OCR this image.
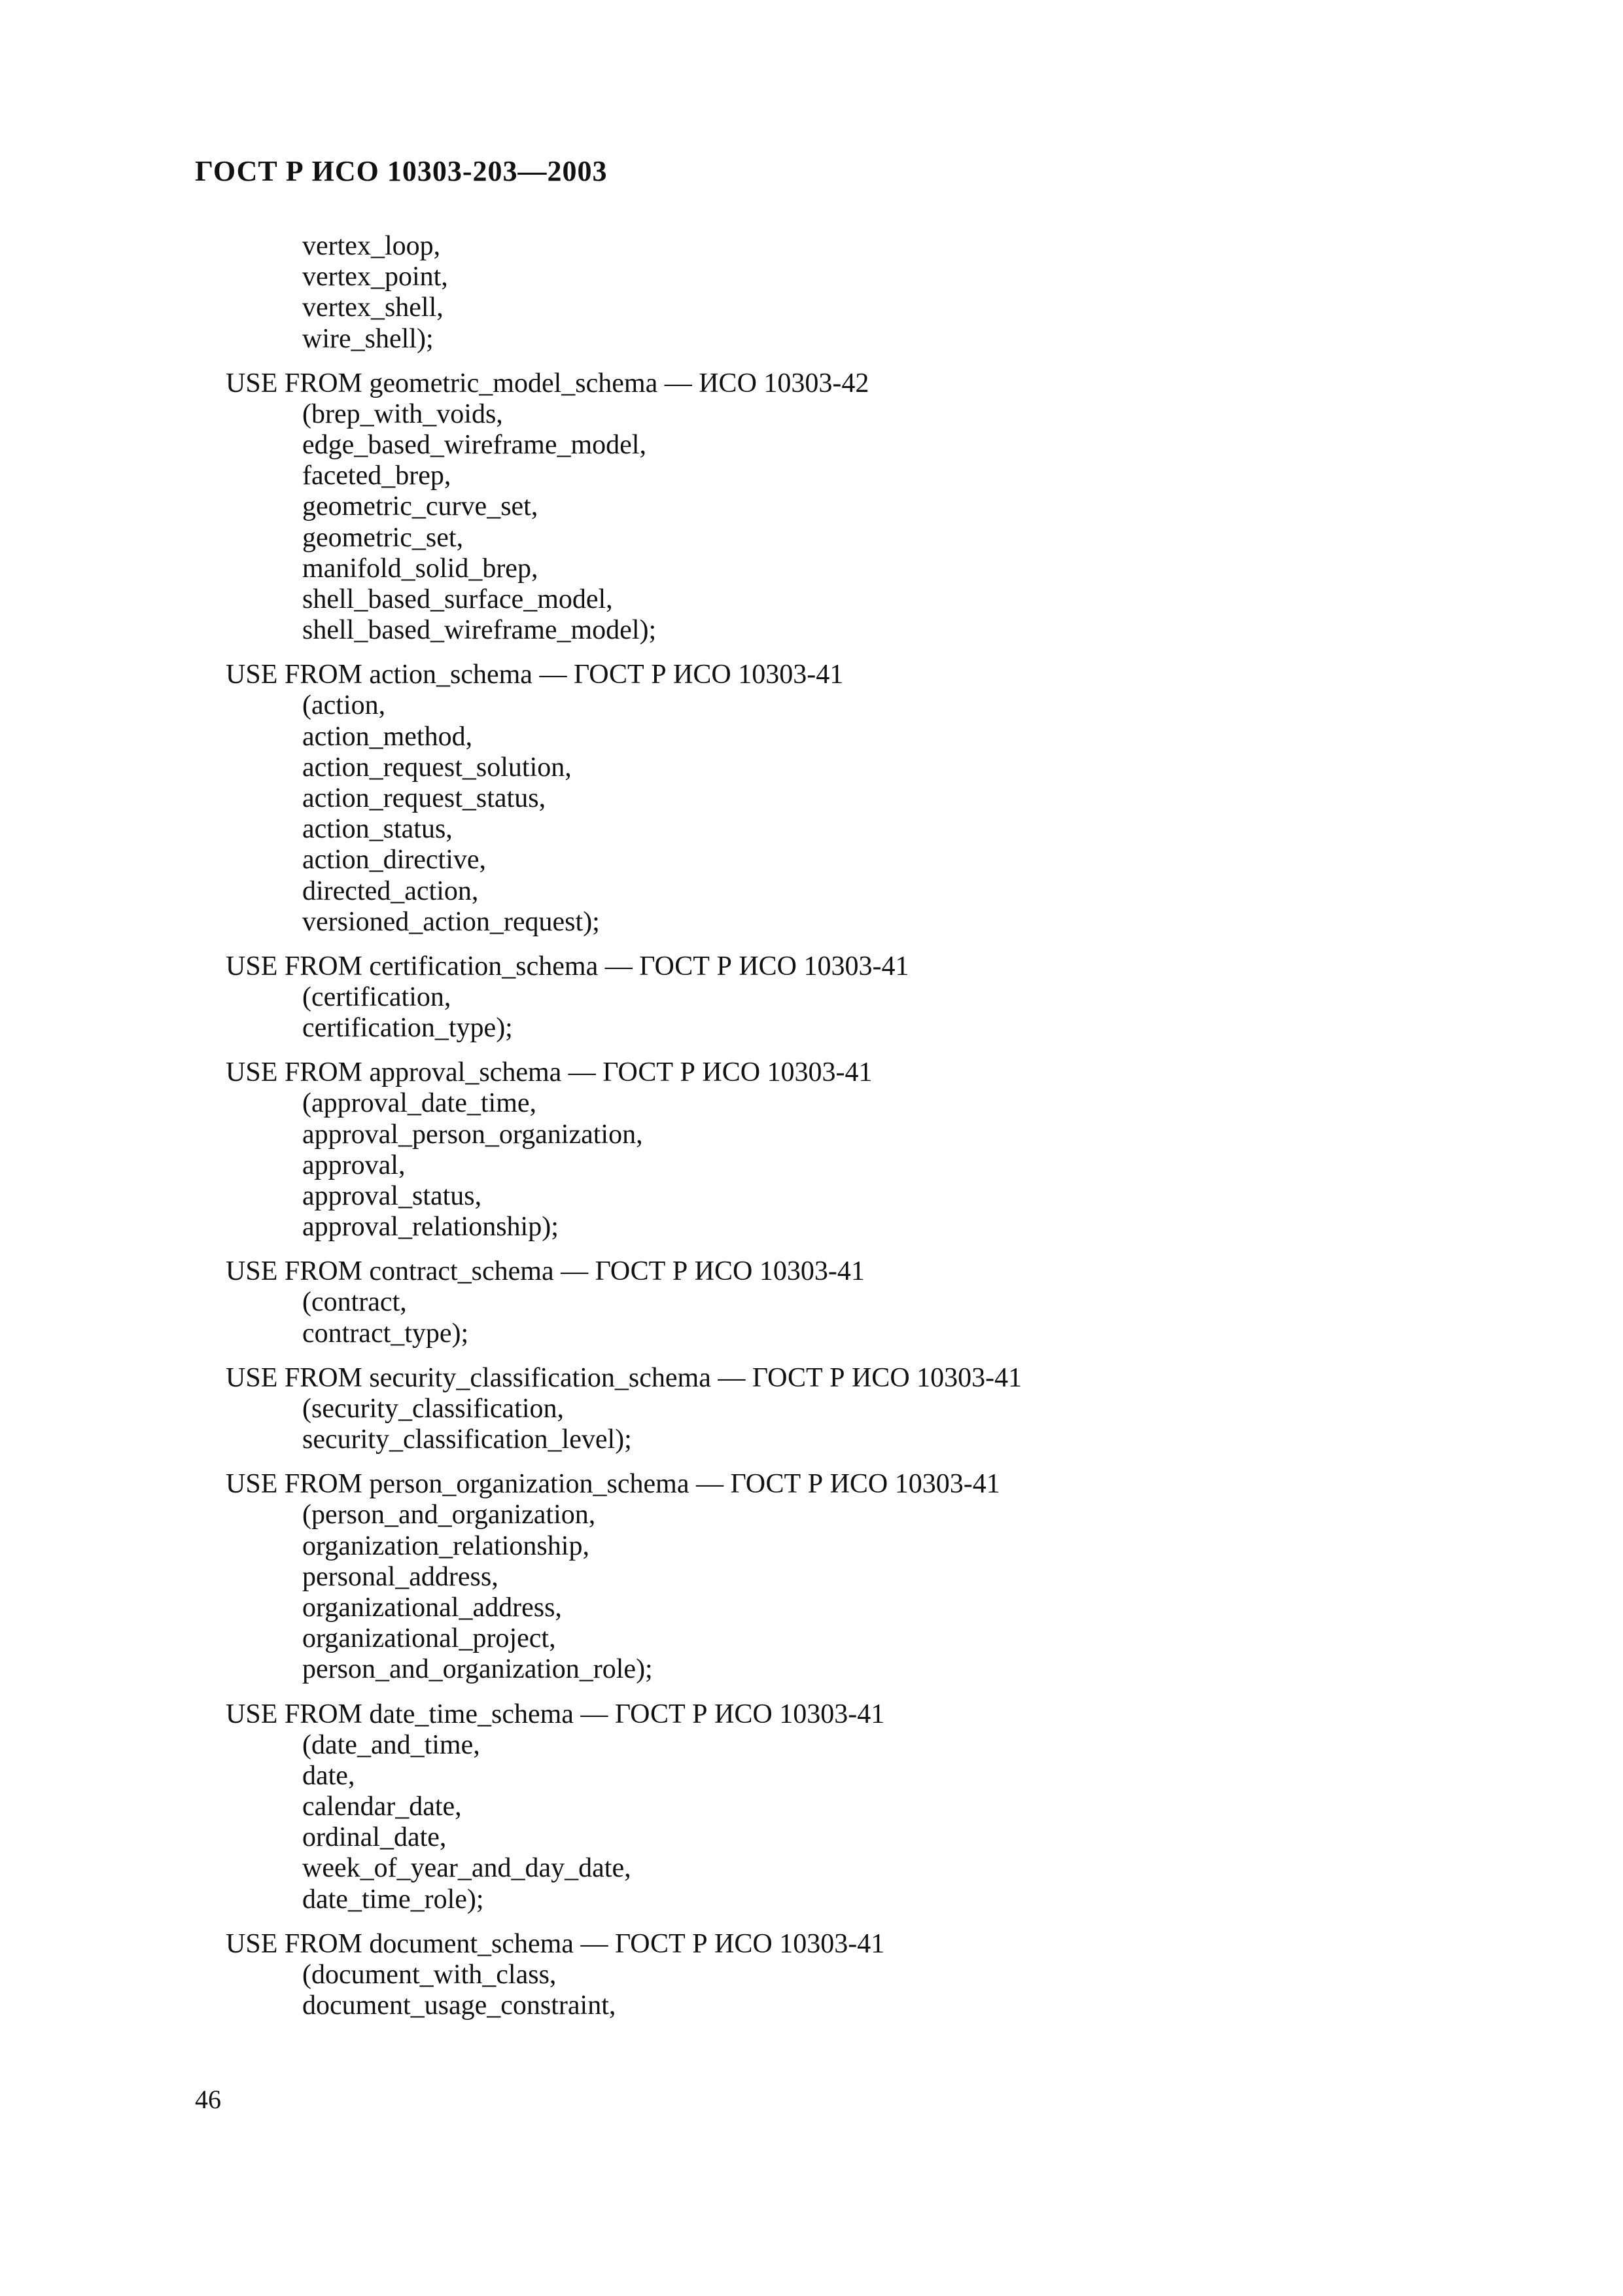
ГОСТ Р ИСО 10303-203—2003
vertex_loop,
vertex_point,
vertex_shell,
wire_shell);
USE FROM geometric_model_schema — ИСО 10303-42
(brep_with_voids,
edge_based_wireframe_model,
faceted_brep,
geometric_curve_set,
geometric_set,
manifold_solid_brep,
shell_based_surface_model,
shell_based_wireframe_model);
USE FROM action_schema — ГОСТ Р ИСО 10303-41
(action,
action_method,
action_request_solution,
action_request_status,
action_status,
action_directive,
directed_action,
versioned_action_request);
USE FROM certification_schema — ГОСТ Р ИСО 10303-41
(certification,
certification_type);
USE FROM approval_schema — ГОСТ Р ИСО 10303-41
(approval_date_time,
approval_person_organization,
approval,
approval_status,
approval_relationship);
USE FROM contract_schema — ГОСТ Р ИСО 10303-41
(contract,
contract_type);
USE FROM security_classification_schema — ГОСТ Р ИСО 10303-41
(security_classification,
security_classification_level);
USE FROM person_organization_schema — ГОСТ Р ИСО 10303-41
(person_and_organization,
organization_relationship,
personal_address,
organizational_address,
organizational_project,
person_and_organization_role);
USE FROM date_time_schema — ГОСТ Р ИСО 10303-41
(date_and_time,
date,
calendar_date,
ordinal_date,
week_of_year_and_day_date,
date_time_role);
USE FROM document_schema — ГОСТ Р ИСО 10303-41
(document_with_class,
document_usage_constraint,
46
